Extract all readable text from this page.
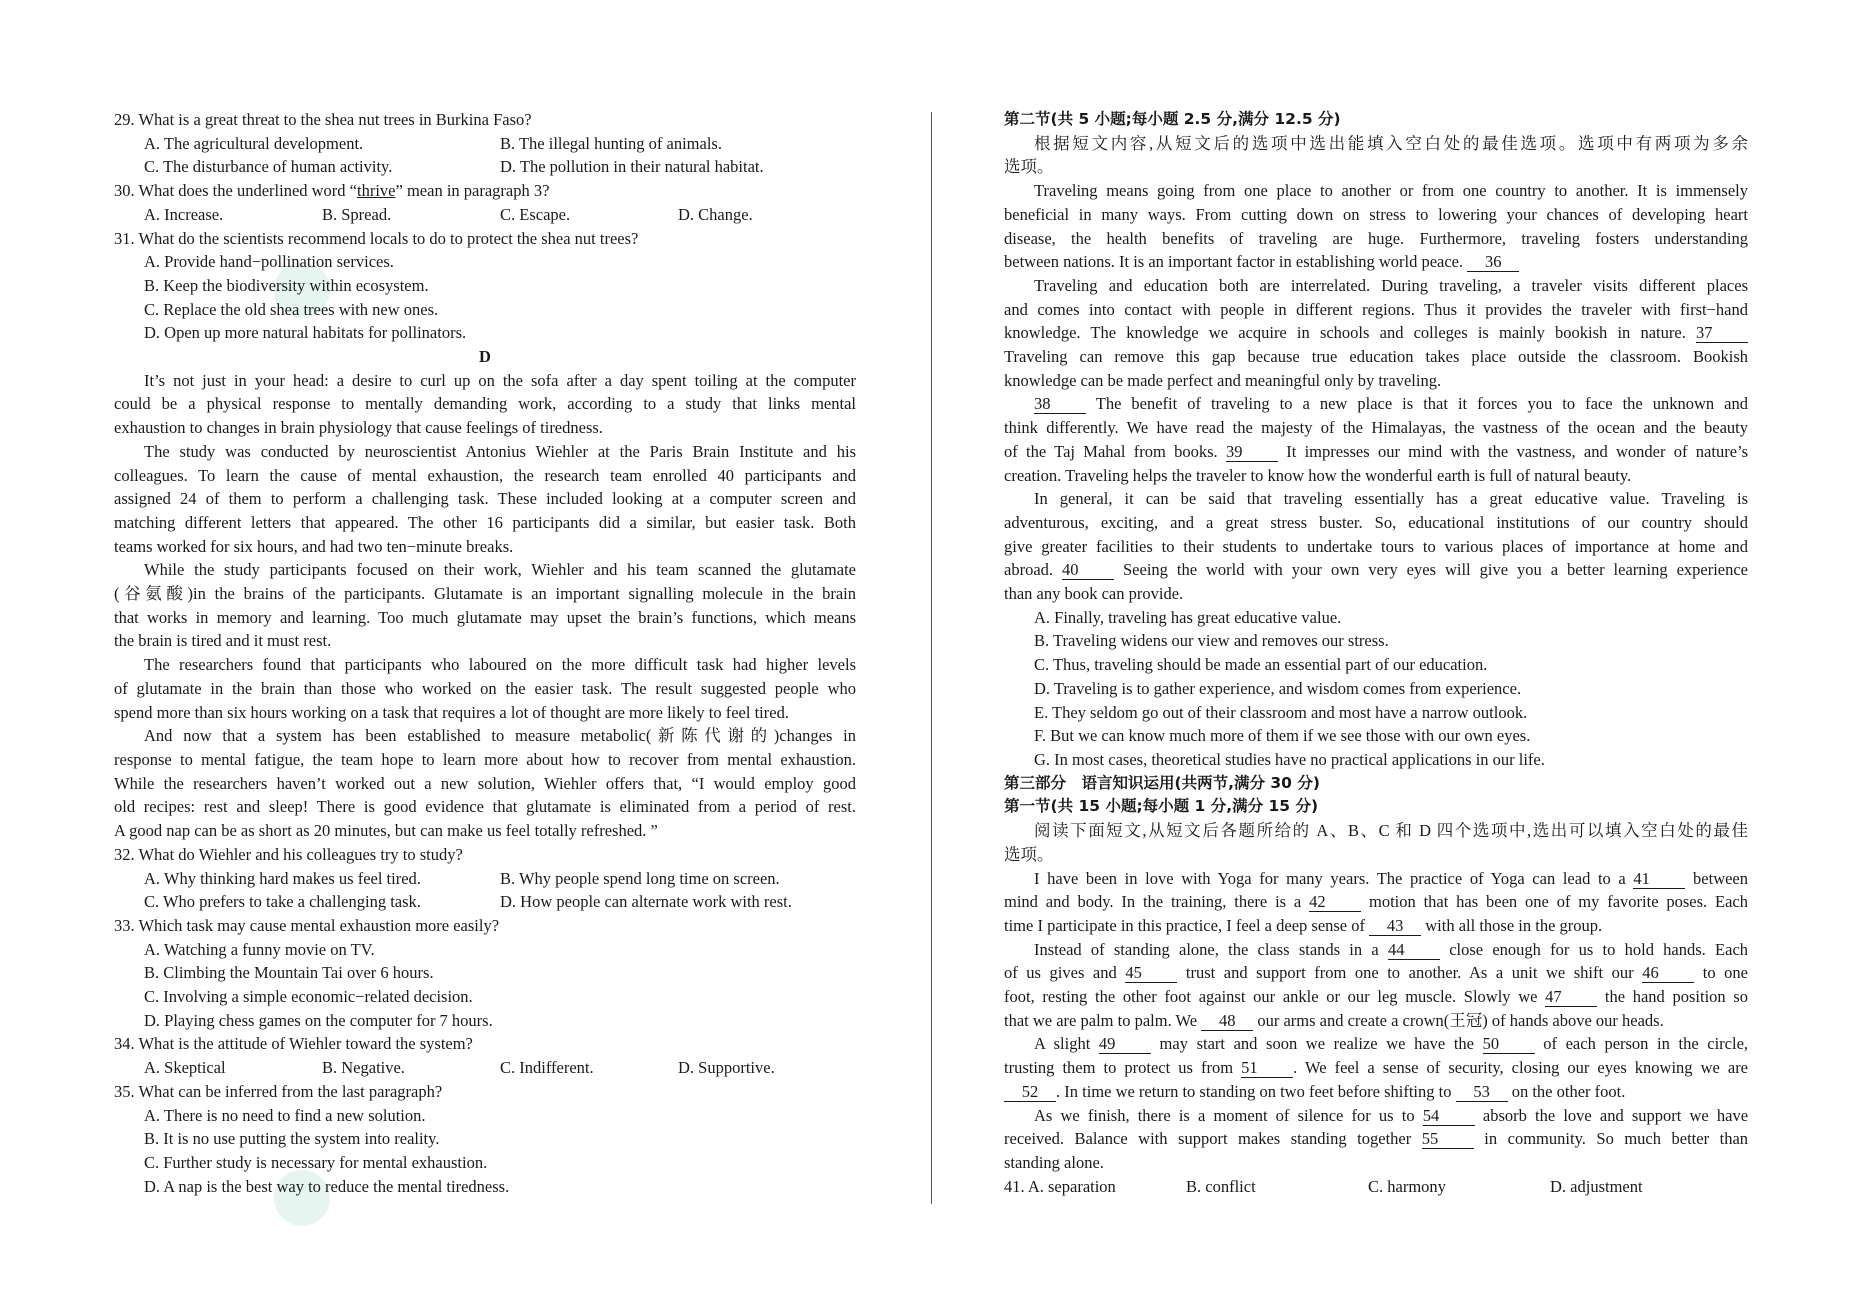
29. What is a great threat to the shea nut trees in Burkina Faso?
A. The agricultural development.	B. The illegal hunting of animals.
C. The disturbance of human activity.	D. The pollution in their natural habitat.
30. What does the underlined word “thrive” mean in paragraph 3?
A. Increase.	B. Spread.	C. Escape.	D. Change.
31. What do the scientists recommend locals to do to protect the shea nut trees?
A. Provide hand−pollination services.
B. Keep the biodiversity within ecosystem.
C. Replace the old shea trees with new ones.
D. Open up more natural habitats for pollinators.
D
It’s not just in your head: a desire to curl up on the sofa after a day spent toiling at the computer
could be a physical response to mentally demanding work, according to a study that links mental
exhaustion to changes in brain physiology that cause feelings of tiredness.
The study was conducted by neuroscientist Antonius Wiehler at the Paris Brain Institute and his
colleagues. To learn the cause of mental exhaustion, the research team enrolled 40 participants and
assigned 24 of them to perform a challenging task. These included looking at a computer screen and
matching different letters that appeared. The other 16 participants did a similar, but easier task. Both
teams worked for six hours, and had two ten−minute breaks.
While the study participants focused on their work, Wiehler and his team scanned the glutamate
(谷氨酸)in the brains of the participants. Glutamate is an important signalling molecule in the brain
that works in memory and learning. Too much glutamate may upset the brain’s functions, which means
the brain is tired and it must rest.
The researchers found that participants who laboured on the more difficult task had higher levels
of glutamate in the brain than those who worked on the easier task. The result suggested people who
spend more than six hours working on a task that requires a lot of thought are more likely to feel tired.
And now that a system has been established to measure metabolic(新陈代谢的)changes in
response to mental fatigue, the team hope to learn more about how to recover from mental exhaustion.
While the researchers haven’t worked out a new solution, Wiehler offers that, “I would employ good
old recipes: rest and sleep! There is good evidence that glutamate is eliminated from a period of rest.
A good nap can be as short as 20 minutes, but can make us feel totally refreshed. ”
32. What do Wiehler and his colleagues try to study?
A. Why thinking hard makes us feel tired.	B. Why people spend long time on screen.
C. Who prefers to take a challenging task.	D. How people can alternate work with rest.
33. Which task may cause mental exhaustion more easily?
A. Watching a funny movie on TV.
B. Climbing the Mountain Tai over 6 hours.
C. Involving a simple economic−related decision.
D. Playing chess games on the computer for 7 hours.
34. What is the attitude of Wiehler toward the system?
A. Skeptical	B. Negative.	C. Indifferent.	D. Supportive.
35. What can be inferred from the last paragraph?
A. There is no need to find a new solution.
B. It is no use putting the system into reality.
C. Further study is necessary for mental exhaustion.
D. A nap is the best way to reduce the mental tiredness.
第二节(共 5 小题;每小题 2.5 分,满分 12.5 分)
根据短文内容,从短文后的选项中选出能填入空白处的最佳选项。选项中有两项为多余
选项。
Traveling means going from one place to another or from one country to another. It is immensely
beneficial in many ways. From cutting down on stress to lowering your chances of developing heart
disease, the health benefits of traveling are huge. Furthermore, traveling fosters understanding
between nations. It is an important factor in establishing world peace. 36
Traveling and education both are interrelated. During traveling, a traveler visits different places
and comes into contact with people in different regions. Thus it provides the traveler with first−hand
knowledge. The knowledge we acquire in schools and colleges is mainly bookish in nature. 37
Traveling can remove this gap because true education takes place outside the classroom. Bookish
knowledge can be made perfect and meaningful only by traveling.
38	The benefit of traveling to a new place is that it forces you to face the unknown and
think differently. We have read the majesty of the Himalayas, the vastness of the ocean and the beauty
of the Taj Mahal from books. 39	It impresses our mind with the vastness, and wonder of nature’s
creation. Traveling helps the traveler to know how the wonderful earth is full of natural beauty.
In general, it can be said that traveling essentially has a great educative value. Traveling is
adventurous, exciting, and a great stress buster. So, educational institutions of our country should
give greater facilities to their students to undertake tours to various places of importance at home and
abroad. 40	Seeing the world with your own very eyes will give you a better learning experience
than any book can provide.
A. Finally, traveling has great educative value.
B. Traveling widens our view and removes our stress.
C. Thus, traveling should be made an essential part of our education.
D. Traveling is to gather experience, and wisdom comes from experience.
E. They seldom go out of their classroom and most have a narrow outlook.
F. But we can know much more of them if we see those with our own eyes.
G. In most cases, theoretical studies have no practical applications in our life.
第三部分　语言知识运用(共两节,满分 30 分)
第一节(共 15 小题;每小题 1 分,满分 15 分)
阅读下面短文,从短文后各题所给的 A、B、C 和 D 四个选项中,选出可以填入空白处的最佳
选项。
I have been in love with Yoga for many years. The practice of Yoga can lead to a 41	between
mind and body. In the training, there is a 42	motion that has been one of my favorite poses. Each
time I participate in this practice, I feel a deep sense of 43 with all those in the group.
Instead of standing alone, the class stands in a 44	close enough for us to hold hands. Each
of us gives and 45	trust and support from one to another. As a unit we shift our 46	to one
foot, resting the other foot against our ankle or our leg muscle. Slowly we 47	the hand position so
that we are palm to palm. We 48 our arms and create a crown(王冠) of hands above our heads.
A slight 49	may start and soon we realize we have the 50	of each person in the circle,
trusting them to protect us from 51 . We feel a sense of security, closing our eyes knowing we are
52 . In time we return to standing on two feet before shifting to 53 on the other foot.
As we finish, there is a moment of silence for us to 54	absorb the love and support we have
received. Balance with support makes standing together 55	in community. So much better than
standing alone.
41. A. separation	B. conflict	C. harmony	D. adjustment
